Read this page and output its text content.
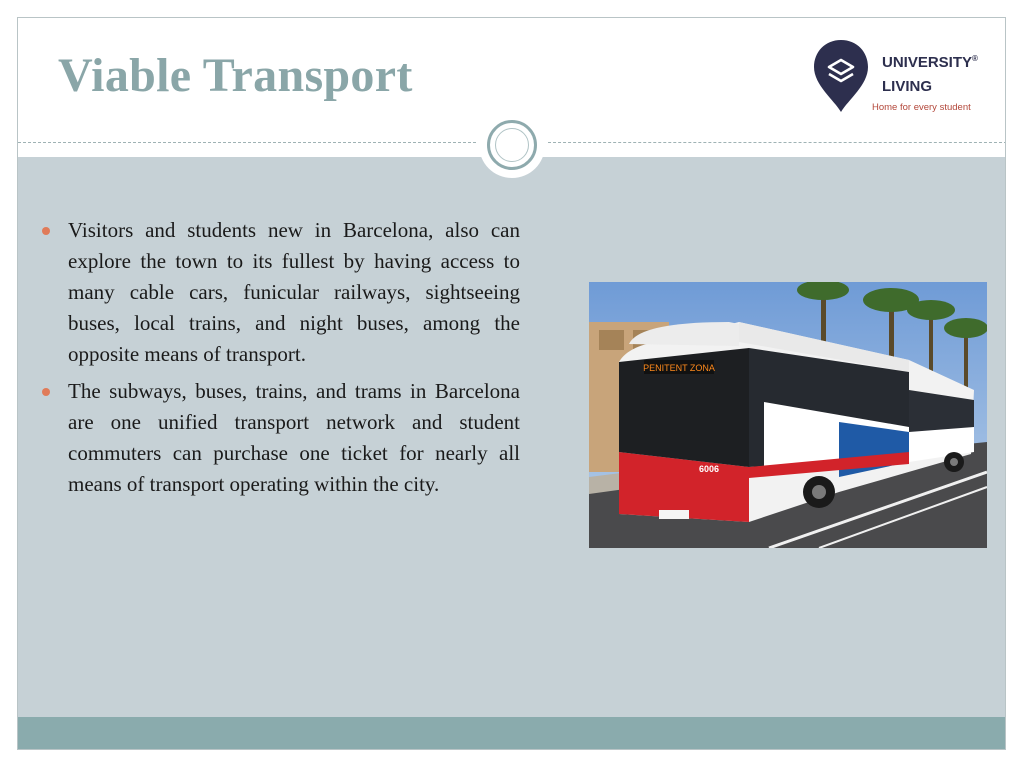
Viable Transport	UNIVERSITY®
LIVING
Home for every student
Visitors and students new in Barcelona, also can explore the town to its fullest by having access to many cable cars, funicular railways, sightseeing buses, local trains, and night buses, among the opposite means of transport.
The subways, buses, trains, and trams in Barcelona are one unified transport network and student commuters can purchase one ticket for nearly all means of transport operating within the city.
PENITENT ZONA
6006
